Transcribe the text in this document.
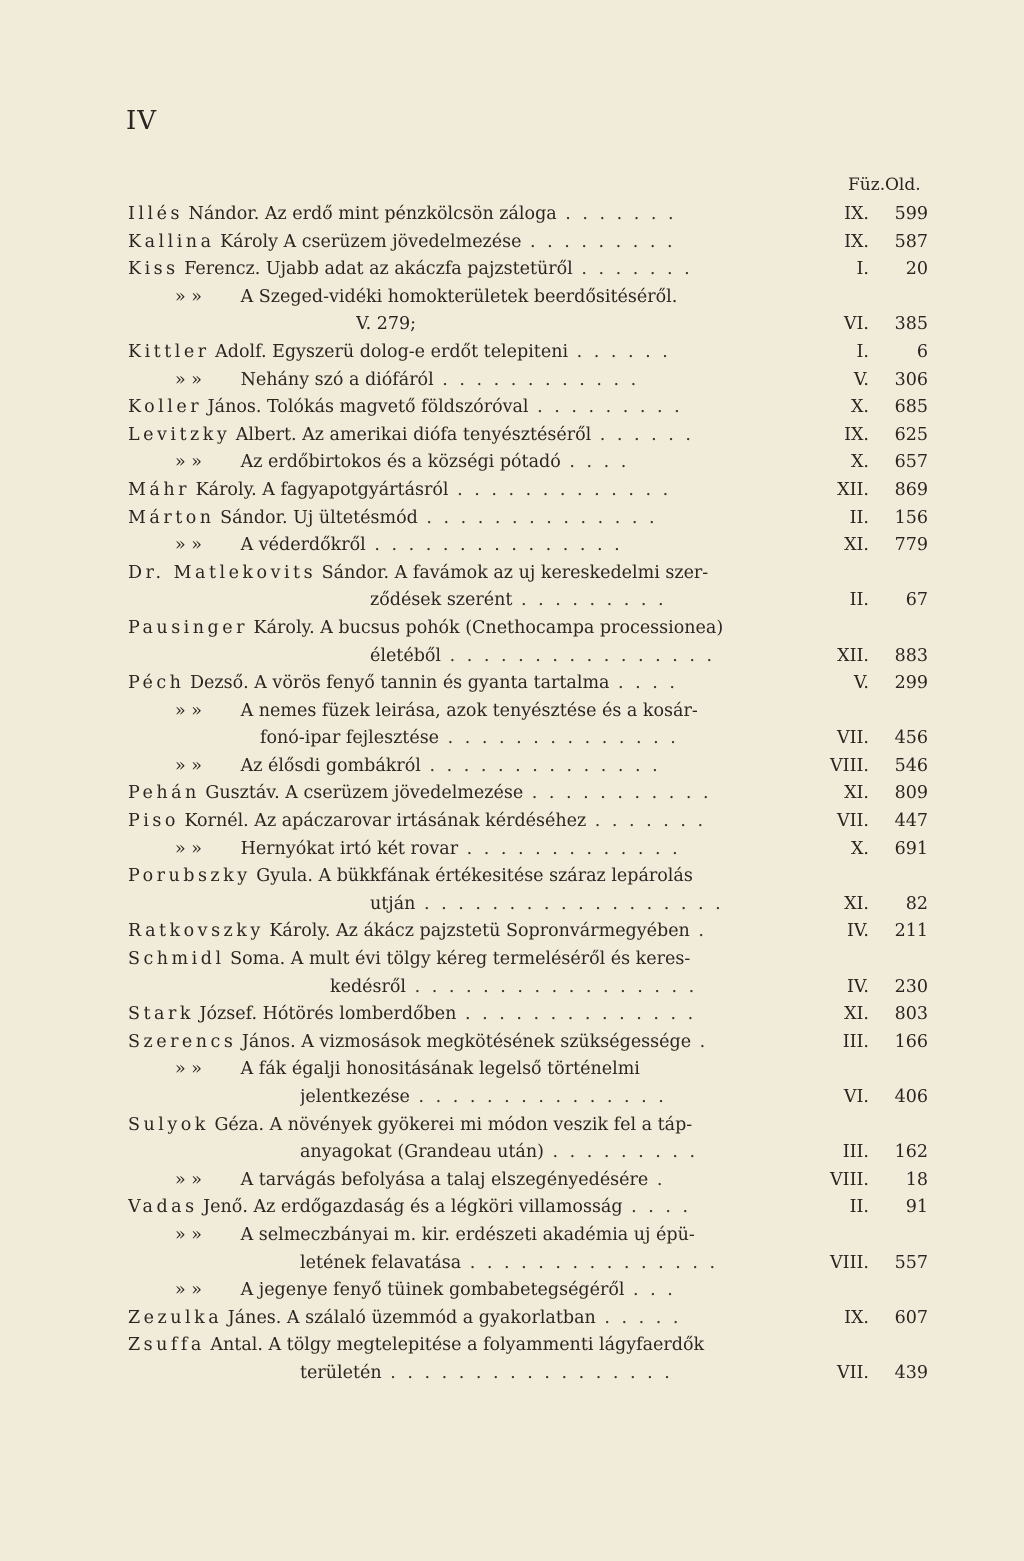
IV
Füz. Old.
Illés Nándor. Az erdő mint pénzkölcsön záloga . . . . . . .	IX.	599
Kallina Károly A cserüzem jövedelmezése . . . . . . . . .	IX.	587
Kiss Ferencz. Ujabb adat az akáczfa pajzstetüről . . . . . . .	I.	20
» » A Szeged-vidéki homokterületek beerdősitéséről.
V. 279;	VI.	385
Kittler Adolf. Egyszerü dolog-e erdőt telepiteni . . . . . .	I.	6
» » Nehány szó a diófáról . . . . . . . . . . . .	V.	306
Koller János. Tolókás magvető földszóróval . . . . . . . . .	X.	685
Levitzky Albert. Az amerikai diófa tenyésztéséről . . . . . .	IX.	625
» » Az erdőbirtokos és a községi pótadó . . . .	X.	657
Máhr Károly. A fagyapotgyártásról . . . . . . . . . . . . .	XII.	869
Márton Sándor. Uj ültetésmód . . . . . . . . . . . . . .	II.	156
» » A véderdőkről . . . . . . . . . . . . . . .	XI.	779
Dr. Matlekovits Sándor. A favámok az uj kereskedelmi szer-
ződések szerént . . . . . . . . .	II.	67
Pausinger Károly. A bucsus pohók (Cnethocampa processionea)
életéből . . . . . . . . . . . . . . . .	XII.	883
Péch Dezső. A vörös fenyő tannin és gyanta tartalma . . . .	V.	299
» » A nemes füzek leirása, azok tenyésztése és a kosár-
fonó-ipar fejlesztése . . . . . . . . . . . . . .	VII.	456
» » Az élősdi gombákról . . . . . . . . . . . . . .	VIII.	546
Pehán Gusztáv. A cserüzem jövedelmezése . . . . . . . . . . .	XI.	809
Piso Kornél. Az apáczarovar irtásának kérdéséhez . . . . . . .	VII.	447
» » Hernyókat irtó két rovar . . . . . . . . . . . . .	X.	691
Porubszky Gyula. A bükkfának értékesitése száraz lepárolás
utján . . . . . . . . . . . . . . . . . .	XI.	82
Ratkovszky Károly. Az ákácz pajzstetü Sopronvármegyében .	IV.	211
Schmidl Soma. A mult évi tölgy kéreg termeléséről és keres-
kedésről . . . . . . . . . . . . . . . . .	IV.	230
Stark József. Hótörés lomberdőben . . . . . . . . . . . . . .	XI.	803
Szerencs János. A vizmosások megkötésének szükségessége .	III.	166
» » A fák égalji honositásának legelső történelmi
jelentkezése . . . . . . . . . . . . . . .	VI.	406
Sulyok Géza. A növények gyökerei mi módon veszik fel a táp-
anyagokat (Grandeau után) . . . . . . . . .	III.	162
» » A tarvágás befolyása a talaj elszegényedésére .	VIII.	18
Vadas Jenő. Az erdőgazdaság és a légköri villamosság . . . .	II.	91
» » A selmeczbányai m. kir. erdészeti akadémia uj épü-
letének felavatása . . . . . . . . . . . . . . .	VIII.	557
» » A jegenye fenyő tüinek gombabetegségéről . . .
Zezulka Jánes. A szálaló üzemmód a gyakorlatban . . . . .	IX.	607
Zsuffa Antal. A tölgy megtelepitése a folyammenti lágyfaerdők
területén . . . . . . . . . . . . . . . . .	VII.	439
